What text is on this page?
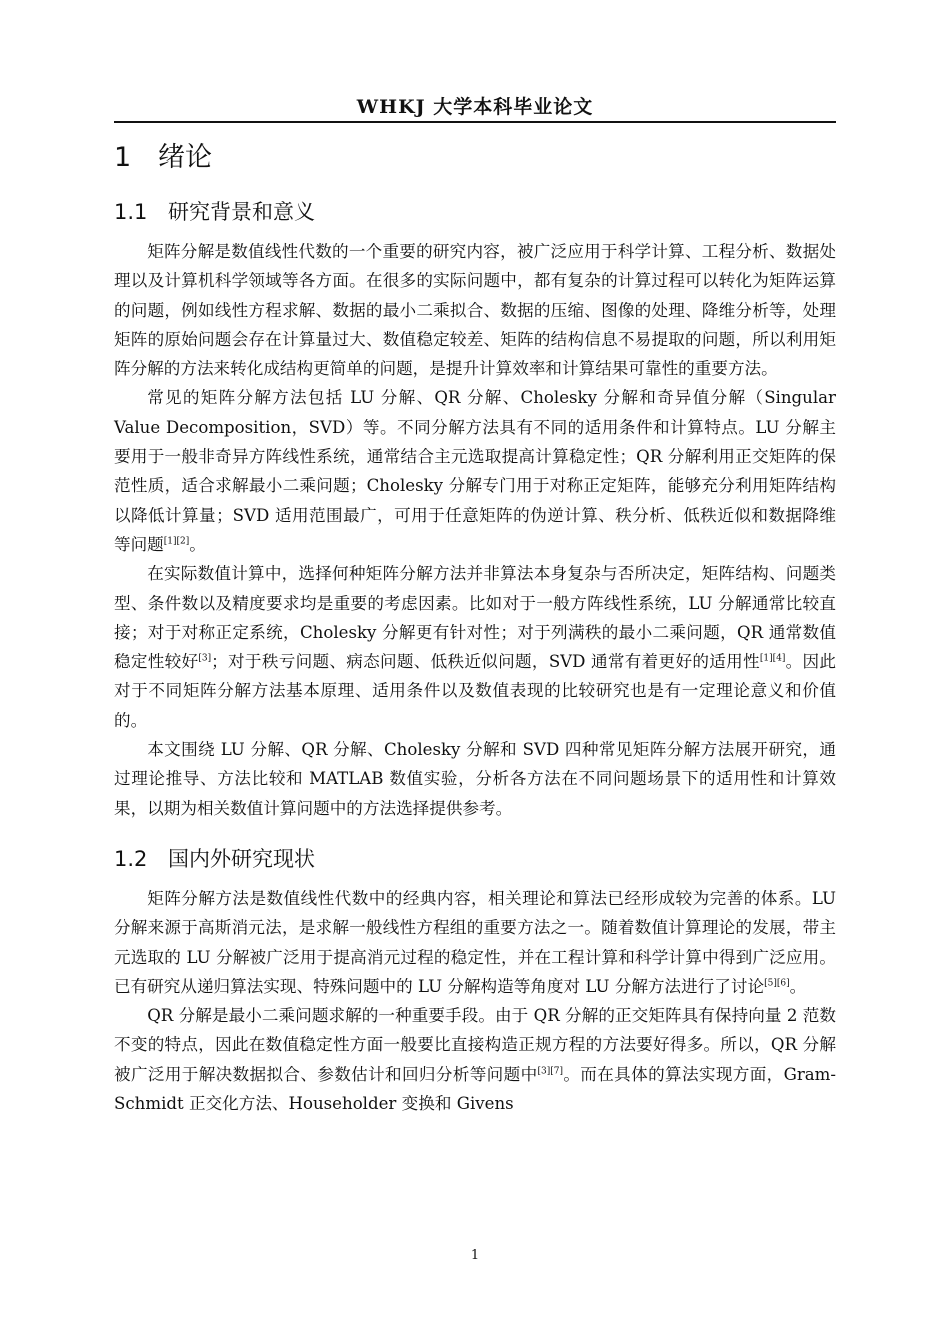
WHKJ 大学本科毕业论文
1 绪论
1.1 研究背景和意义

矩阵分解是数值线性代数的一个重要的研究内容，被广泛应用于科学计算、工程分析、数据处理以及计算机科学领域等各方面。在很多的实际问题中，都有复杂的计算过程可以转化为矩阵运算的问题，例如线性方程求解、数据的最小二乘拟合、数据的压缩、图像的处理、降维分析等，处理矩阵的原始问题会存在计算量过大、数值稳定较差、矩阵的结构信息不易提取的问题，所以利用矩阵分解的方法来转化成结构更简单的问题，是提升计算效率和计算结果可靠性的重要方法。

常见的矩阵分解方法包括 LU 分解、QR 分解、Cholesky 分解和奇异值分解（Singular Value Decomposition，SVD）等。不同分解方法具有不同的适用条件和计算特点。LU 分解主要用于一般非奇异方阵线性系统，通常结合主元选取提高计算稳定性；QR 分解利用正交矩阵的保范性质，适合求解最小二乘问题；Cholesky 分解专门用于对称正定矩阵，能够充分利用矩阵结构以降低计算量；SVD 适用范围最广，可用于任意矩阵的伪逆计算、秩分析、低秩近似和数据降维等问题[1][2]。

在实际数值计算中，选择何种矩阵分解方法并非算法本身复杂与否所决定，矩阵结构、问题类型、条件数以及精度要求均是重要的考虑因素。比如对于一般方阵线性系统，LU 分解通常比较直接；对于对称正定系统，Cholesky 分解更有针对性；对于列满秩的最小二乘问题，QR 通常数值稳定性较好[3]；对于秩亏问题、病态问题、低秩近似问题，SVD 通常有着更好的适用性[1][4]。因此对于不同矩阵分解方法基本原理、适用条件以及数值表现的比较研究也是有一定理论意义和价值的。

本文围绕 LU 分解、QR 分解、Cholesky 分解和 SVD 四种常见矩阵分解方法展开研究，通过理论推导、方法比较和 MATLAB 数值实验，分析各方法在不同问题场景下的适用性和计算效果，以期为相关数值计算问题中的方法选择提供参考。

1.2 国内外研究现状

矩阵分解方法是数值线性代数中的经典内容，相关理论和算法已经形成较为完善的体系。LU 分解来源于高斯消元法，是求解一般线性方程组的重要方法之一。随着数值计算理论的发展，带主元选取的 LU 分解被广泛用于提高消元过程的稳定性，并在工程计算和科学计算中得到广泛应用。已有研究从递归算法实现、特殊问题中的 LU 分解构造等角度对 LU 分解方法进行了讨论[5][6]。

QR 分解是最小二乘问题求解的一种重要手段。由于 QR 分解的正交矩阵具有保持向量 2 范数不变的特点，因此在数值稳定性方面一般要比直接构造正规方程的方法要好得多。所以，QR 分解被广泛用于解决数据拟合、参数估计和回归分析等问题中[3][7]。而在具体的算法实现方面，Gram-Schmidt 正交化方法、Householder 变换和 Givens

1
